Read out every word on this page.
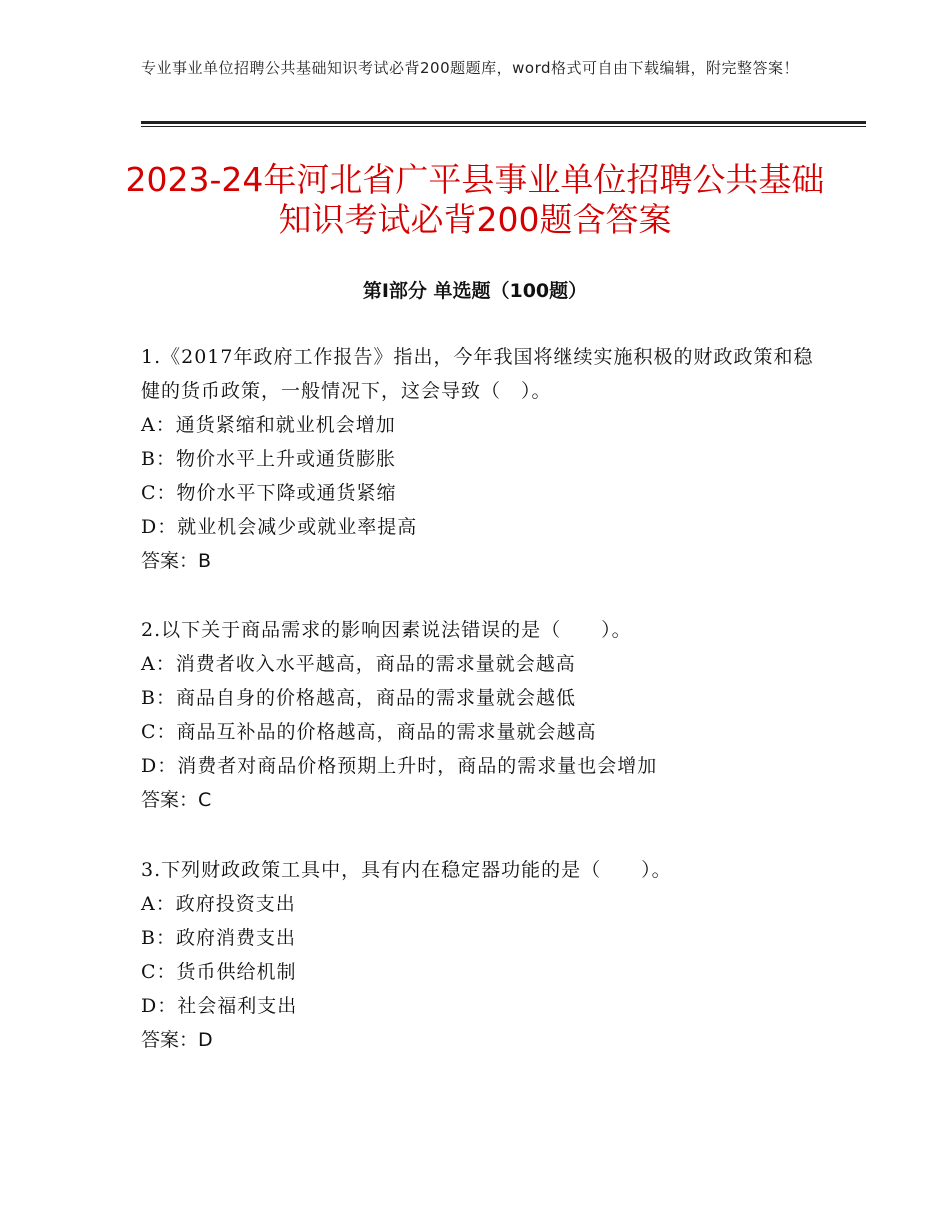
专业事业单位招聘公共基础知识考试必背200题题库，word格式可自由下载编辑，附完整答案！
2023-24年河北省广平县事业单位招聘公共基础知识考试必背200题含答案
第Ⅰ部分 单选题（100题）

1.《2017年政府工作报告》指出，今年我国将继续实施积极的财政政策和稳健的货币政策，一般情况下，这会导致（　）。

A：通货紧缩和就业机会增加

B：物价水平上升或通货膨胀

C：物价水平下降或通货紧缩

D：就业机会减少或就业率提高

答案：B

2.以下关于商品需求的影响因素说法错误的是（　　）。

A：消费者收入水平越高，商品的需求量就会越高

B：商品自身的价格越高，商品的需求量就会越低

C：商品互补品的价格越高，商品的需求量就会越高

D：消费者对商品价格预期上升时，商品的需求量也会增加

答案：C

3.下列财政政策工具中，具有内在稳定器功能的是（　　）。

A：政府投资支出

B：政府消费支出

C：货币供给机制

D：社会福利支出

答案：D
